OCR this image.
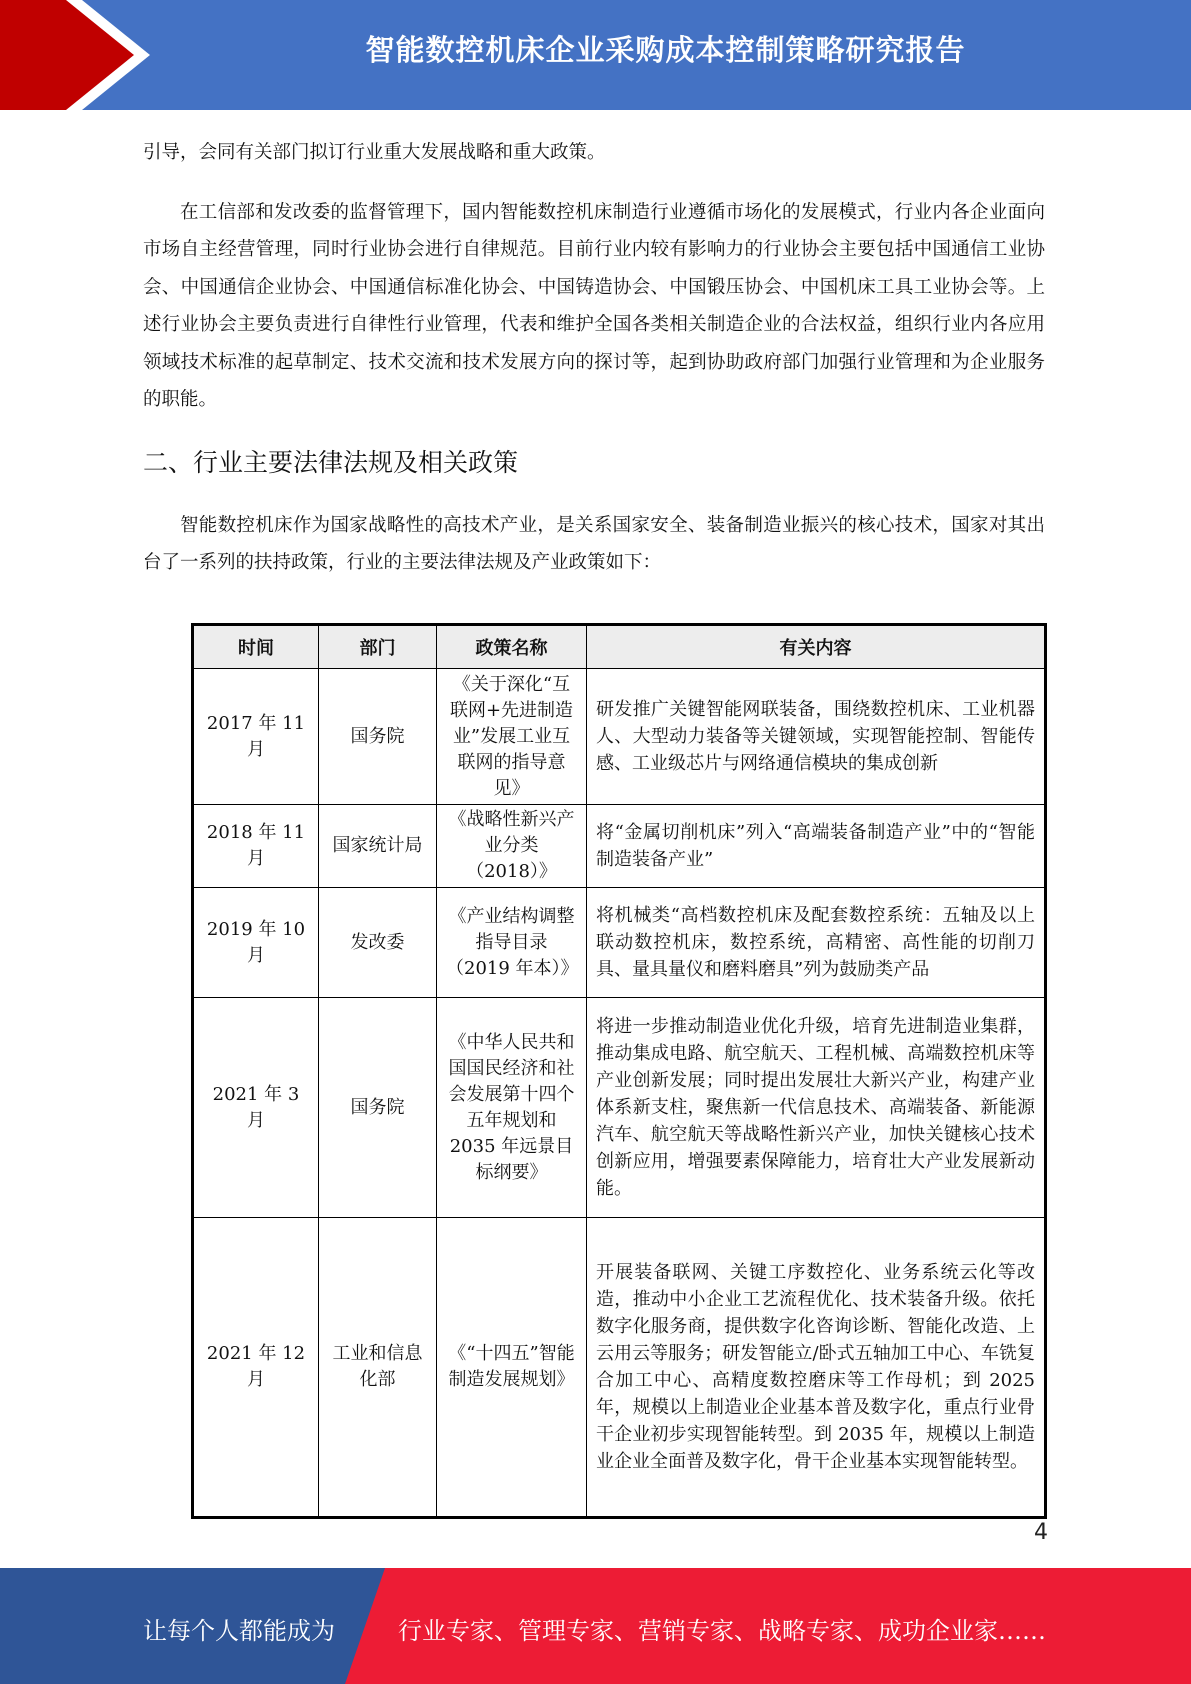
智能数控机床企业采购成本控制策略研究报告

引导，会同有关部门拟订行业重大发展战略和重大政策。

在工信部和发改委的监督管理下，国内智能数控机床制造行业遵循市场化的发展模式，行业内各企业面向市场自主经营管理，同时行业协会进行自律规范。目前行业内较有影响力的行业协会主要包括中国通信工业协会、中国通信企业协会、中国通信标准化协会、中国铸造协会、中国锻压协会、中国机床工具工业协会等。上述行业协会主要负责进行自律性行业管理，代表和维护全国各类相关制造企业的合法权益，组织行业内各应用领域技术标准的起草制定、技术交流和技术发展方向的探讨等，起到协助政府部门加强行业管理和为企业服务的职能。

二、行业主要法律法规及相关政策

智能数控机床作为国家战略性的高技术产业，是关系国家安全、装备制造业振兴的核心技术，国家对其出台了一系列的扶持政策，行业的主要法律法规及产业政策如下：

时间	部门	政策名称	有关内容
2017 年 11 月	国务院	《关于深化“互联网+先进制造业”发展工业互联网的指导意见》	研发推广关键智能网联装备，围绕数控机床、工业机器人、大型动力装备等关键领域，实现智能控制、智能传感、工业级芯片与网络通信模块的集成创新
2018 年 11 月	国家统计局	《战略性新兴产业分类（2018）》	将“金属切削机床”列入“高端装备制造产业”中的“智能制造装备产业”
2019 年 10 月	发改委	《产业结构调整指导目录（2019 年本）》	将机械类“高档数控机床及配套数控系统：五轴及以上联动数控机床，数控系统，高精密、高性能的切削刀具、量具量仪和磨料磨具”列为鼓励类产品
2021 年 3 月	国务院	《中华人民共和国国民经济和社会发展第十四个五年规划和 2035 年远景目标纲要》	将进一步推动制造业优化升级，培育先进制造业集群，推动集成电路、航空航天、工程机械、高端数控机床等产业创新发展；同时提出发展壮大新兴产业，构建产业体系新支柱，聚焦新一代信息技术、高端装备、新能源汽车、航空航天等战略性新兴产业，加快关键核心技术创新应用，增强要素保障能力，培育壮大产业发展新动能。
2021 年 12 月	工业和信息化部	《“十四五”智能制造发展规划》	开展装备联网、关键工序数控化、业务系统云化等改造，推动中小企业工艺流程优化、技术装备升级。依托数字化服务商，提供数字化咨询诊断、智能化改造、上云用云等服务；研发智能立/卧式五轴加工中心、车铣复合加工中心、高精度数控磨床等工作母机；到 2025 年，规模以上制造业企业基本普及数字化，重点行业骨干企业初步实现智能转型。到 2035 年，规模以上制造业企业全面普及数字化，骨干企业基本实现智能转型。
4
让每个人都能成为	行业专家、管理专家、营销专家、战略专家、成功企业家……
